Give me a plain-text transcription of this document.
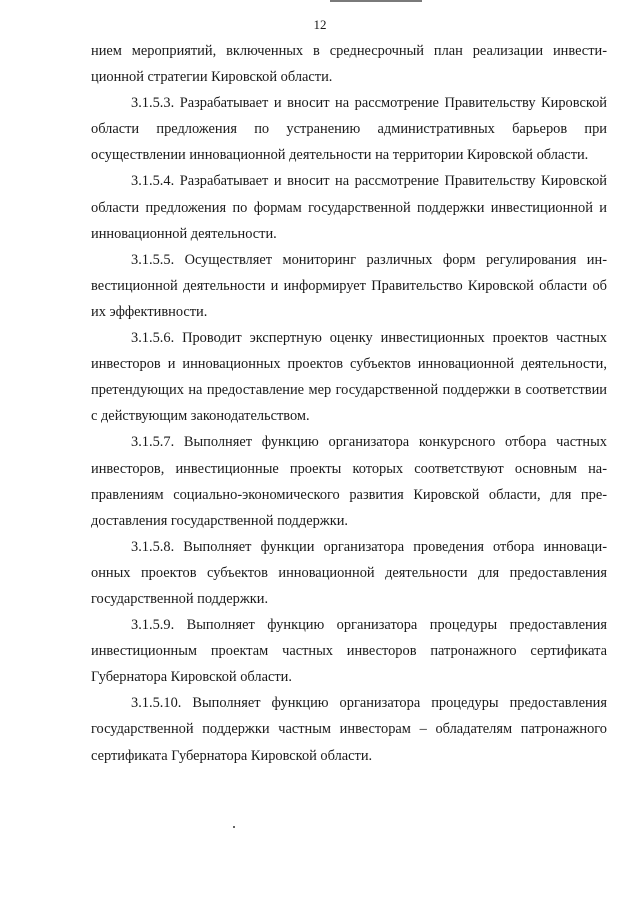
12

нием мероприятий, включенных в среднесрочный план реализации инвестиционной стратегии Кировской области.

3.1.5.3. Разрабатывает и вносит на рассмотрение Правительству Кировской области предложения по устранению административных барьеров при осуществлении инновационной деятельности на территории Кировской области.

3.1.5.4. Разрабатывает и вносит на рассмотрение Правительству Кировской области предложения по формам государственной поддержки инвестиционной и инновационной деятельности.

3.1.5.5. Осуществляет мониторинг различных форм регулирования инвестиционной деятельности и информирует Правительство Кировской области об их эффективности.

3.1.5.6. Проводит экспертную оценку инвестиционных проектов частных инвесторов и инновационных проектов субъектов инновационной деятельности, претендующих на предоставление мер государственной поддержки в соответствии с действующим законодательством.

3.1.5.7. Выполняет функцию организатора конкурсного отбора частных инвесторов, инвестиционные проекты которых соответствуют основным направлениям социально-экономического развития Кировской области, для предоставления государственной поддержки.

3.1.5.8. Выполняет функции организатора проведения отбора инновационных проектов субъектов инновационной деятельности для предоставления государственной поддержки.

3.1.5.9. Выполняет функцию организатора процедуры предоставления инвестиционным проектам частных инвесторов патронажного сертификата Губернатора Кировской области.

3.1.5.10. Выполняет функцию организатора процедуры предоставления государственной поддержки частным инвесторам – обладателям патронажного сертификата Губернатора Кировской области.
